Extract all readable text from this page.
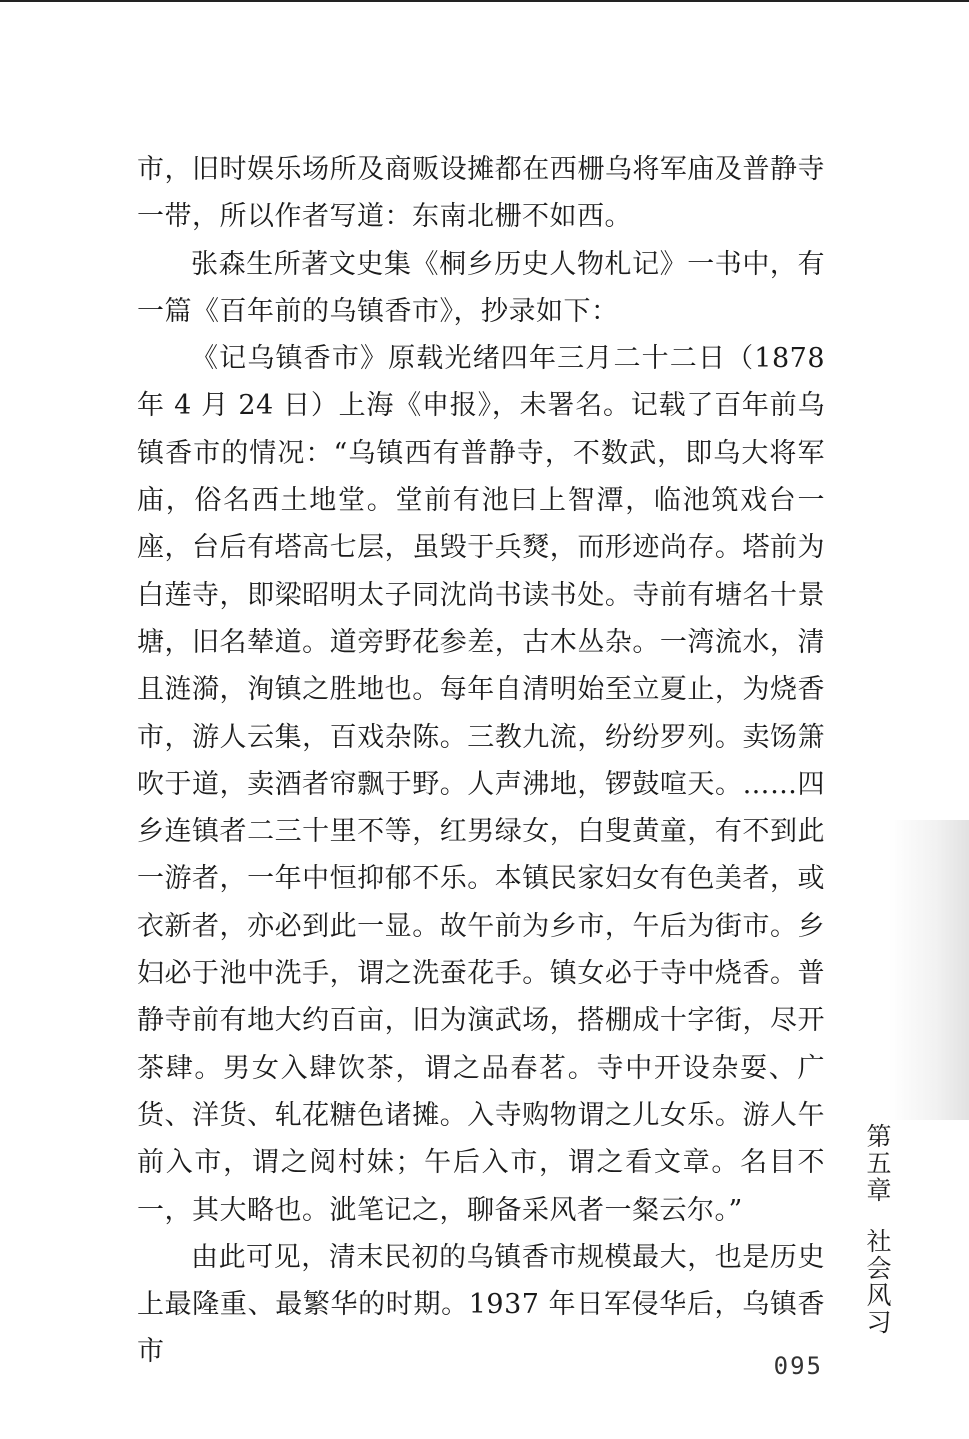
市，旧时娱乐场所及商贩设摊都在西栅乌将军庙及普静寺一带，所以作者写道：东南北栅不如西。

张森生所著文史集《桐乡历史人物札记》一书中，有一篇《百年前的乌镇香市》，抄录如下：

《记乌镇香市》原载光绪四年三月二十二日（1878 年 4 月 24 日）上海《申报》，未署名。记载了百年前乌镇香市的情况：“乌镇西有普静寺，不数武，即乌大将军庙，俗名西土地堂。堂前有池曰上智潭，临池筑戏台一座，台后有塔高七层，虽毁于兵燹，而形迹尚存。塔前为白莲寺，即梁昭明太子同沈尚书读书处。寺前有塘名十景塘，旧名辇道。道旁野花参差，古木丛杂。一湾流水，清且涟漪，洵镇之胜地也。每年自清明始至立夏止，为烧香市，游人云集，百戏杂陈。三教九流，纷纷罗列。卖饧箫吹于道，卖酒者帘飘于野。人声沸地，锣鼓喧天。……四乡连镇者二三十里不等，红男绿女，白叟黄童，有不到此一游者，一年中恒抑郁不乐。本镇民家妇女有色美者，或衣新者，亦必到此一显。故午前为乡市，午后为街市。乡妇必于池中洗手，谓之洗蚕花手。镇女必于寺中烧香。普静寺前有地大约百亩，旧为演武场，搭棚成十字街，尽开茶肆。男女入肆饮茶，谓之品春茗。寺中开设杂耍、广货、洋货、轧花糖色诸摊。入寺购物谓之儿女乐。游人午前入市，谓之阅村妹；午后入市，谓之看文章。名目不一，其大略也。泚笔记之，聊备采风者一粲云尔。”

由此可见，清末民初的乌镇香市规模最大，也是历史上最隆重、最繁华的时期。1937 年日军侵华后，乌镇香市

第五章社会风习
095
